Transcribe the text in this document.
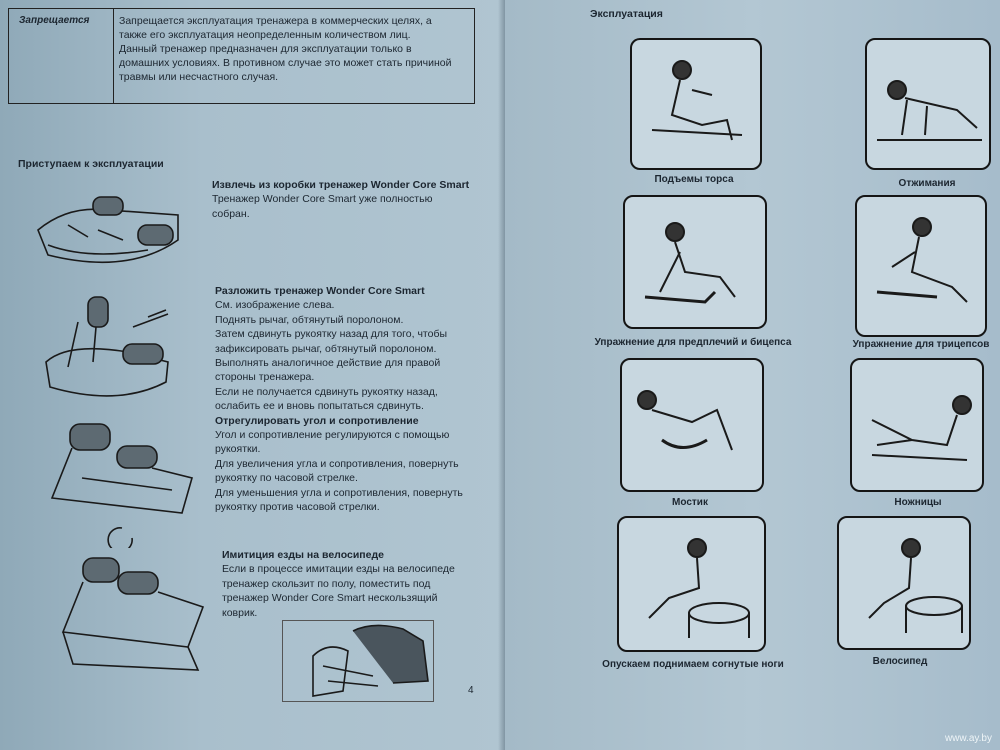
Запрещается	Запрещается эксплуатация тренажера в коммерческих целях, а

также его эксплуатация неопределенным количеством лиц.

Данный тренажер предназначен для эксплуатации только в

домашних условиях. В противном случае это может стать причиной

травмы или несчастного случая.

Приступаем к эксплуатации
Извлечь из коробки тренажер Wonder Core Smart
Тренажер Wonder Core Smart уже полностью
собран.
Разложить тренажер Wonder Core Smart
См. изображение слева.
Поднять рычаг, обтянутый поролоном.
Затем сдвинуть рукоятку назад для того, чтобы
зафиксировать рычаг, обтянутый поролоном.
Выполнять аналогичное действие для правой
стороны тренажера.
Если не получается сдвинуть рукоятку назад,
ослабить ее и вновь попытаться сдвинуть.
Отрегулировать угол и сопротивление
Угол и сопротивление регулируются с помощью
рукоятки.
Для увеличения угла и сопротивления, повернуть
рукоятку по часовой стрелке.
Для уменьшения угла и сопротивления, повернуть
рукоятку против часовой стрелки.
Имитиция езды на велосипеде
Если в процессе имитации езды на велосипеде
тренажер скользит по полу, поместить под
тренажер Wonder Core Smart нескользящий
коврик.
4
Эксплуатация
Подъемы торса	Отжимания
Упражнение для предплечий и бицепса	Упражнение для трицепсов
Мостик	Ножницы
Опускаем поднимаем согнутые ноги	Велосипед
www.ay.by
